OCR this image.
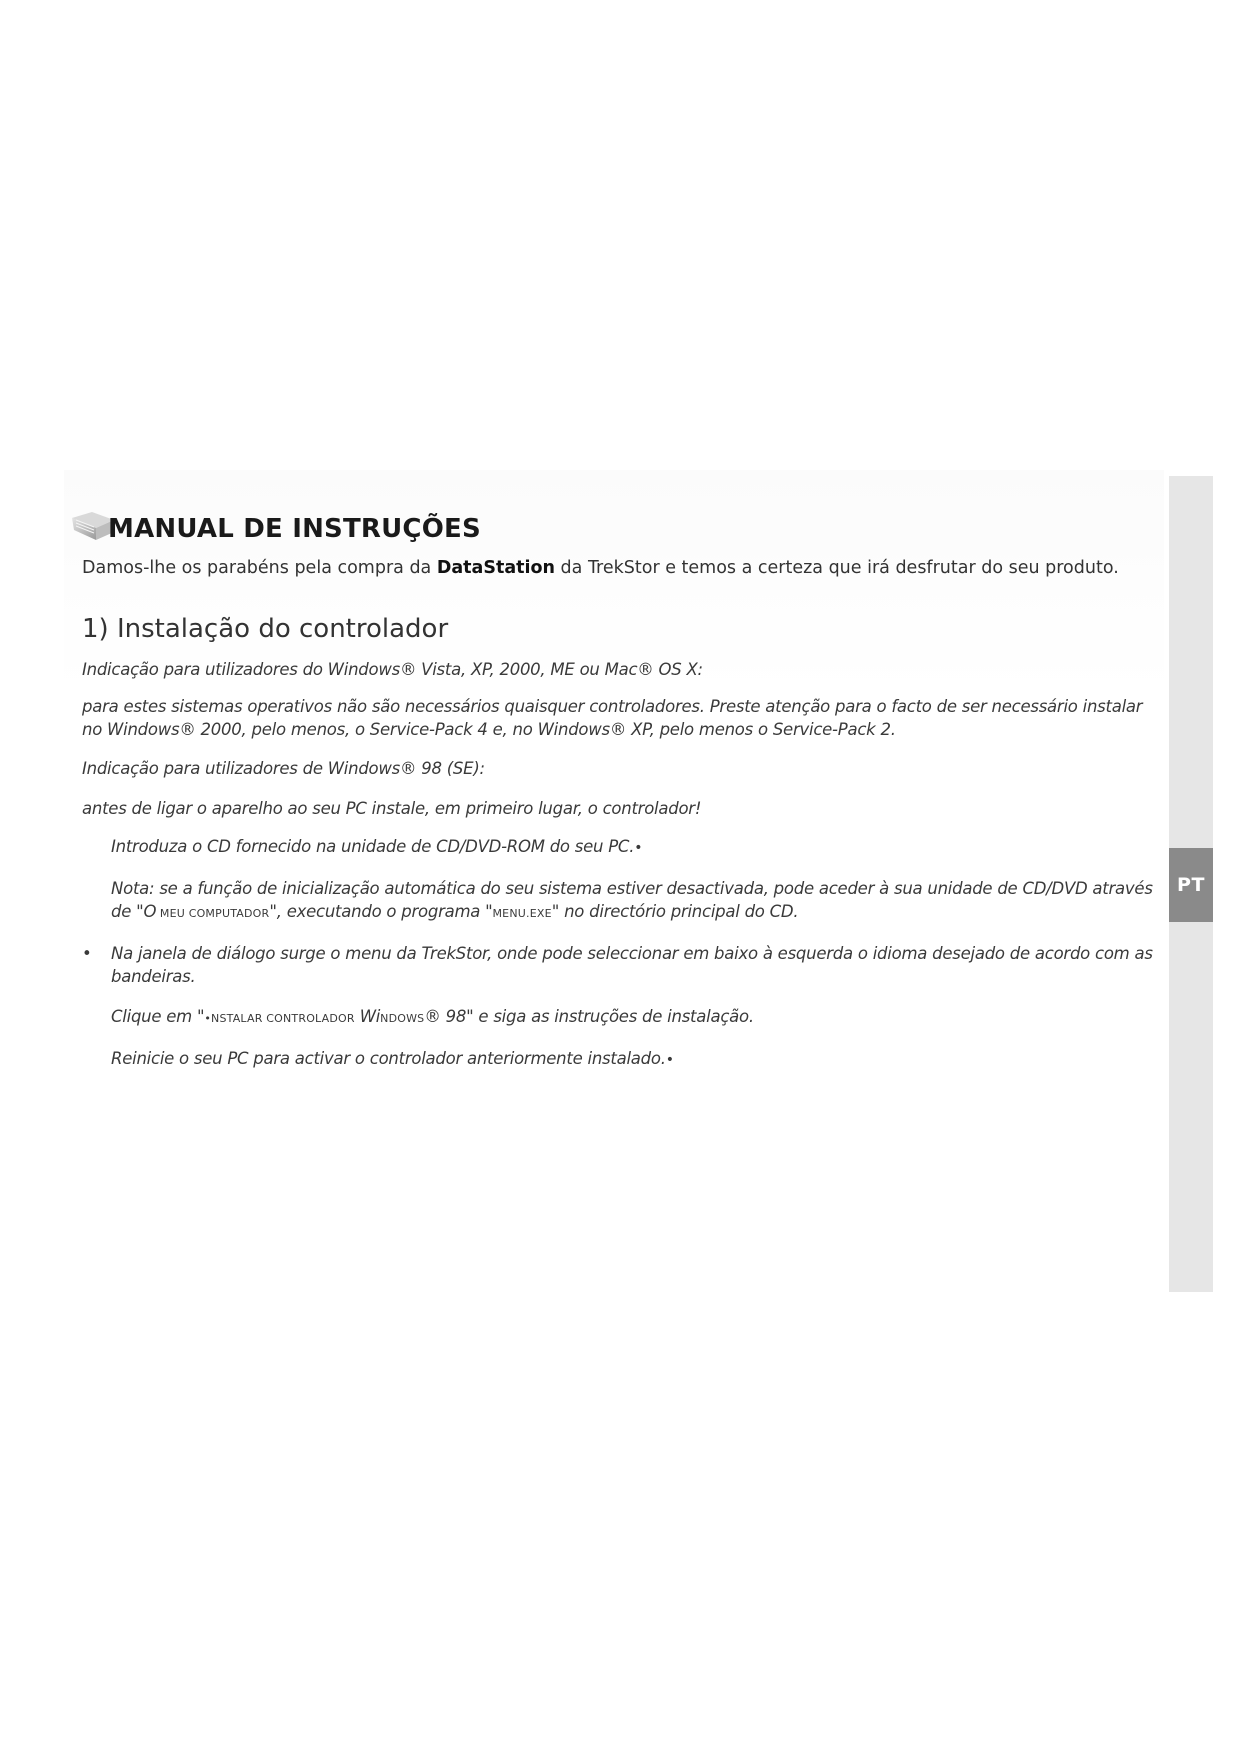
PT
MANUAL DE INSTRUÇÕES

Damos-lhe os parabéns pela compra da DataStation da TrekStor e temos a certeza que irá desfrutar do seu produto.

1) Instalação do controlador

Indicação para utilizadores do Windows® Vista, XP, 2000, ME ou Mac® OS X:

para estes sistemas operativos não são necessários quaisquer controladores. Preste atenção para o facto de ser necessário instalar no Windows® 2000, pelo menos, o Service-Pack 4 e, no Windows® XP, pelo menos o Service-Pack 2.

Indicação para utilizadores de Windows® 98 (SE):

antes de ligar o aparelho ao seu PC instale, em primeiro lugar, o controlador!

Introduza o CD fornecido na unidade de CD/DVD-ROM do seu PC.•
Nota: se a função de inicialização automática do seu sistema estiver desactivada, pode aceder à sua unidade de CD/DVD através de "O MEU COMPUTADOR", executando o programa "MENU.EXE" no directório principal do CD.
• Na janela de diálogo surge o menu da TrekStor, onde pode seleccionar em baixo à esquerda o idioma desejado de acordo com as bandeiras.
Clique em "•NSTALAR CONTROLADOR WiNDOWS® 98" e siga as instruções de instalação.
Reinicie o seu PC para activar o controlador anteriormente instalado.•
